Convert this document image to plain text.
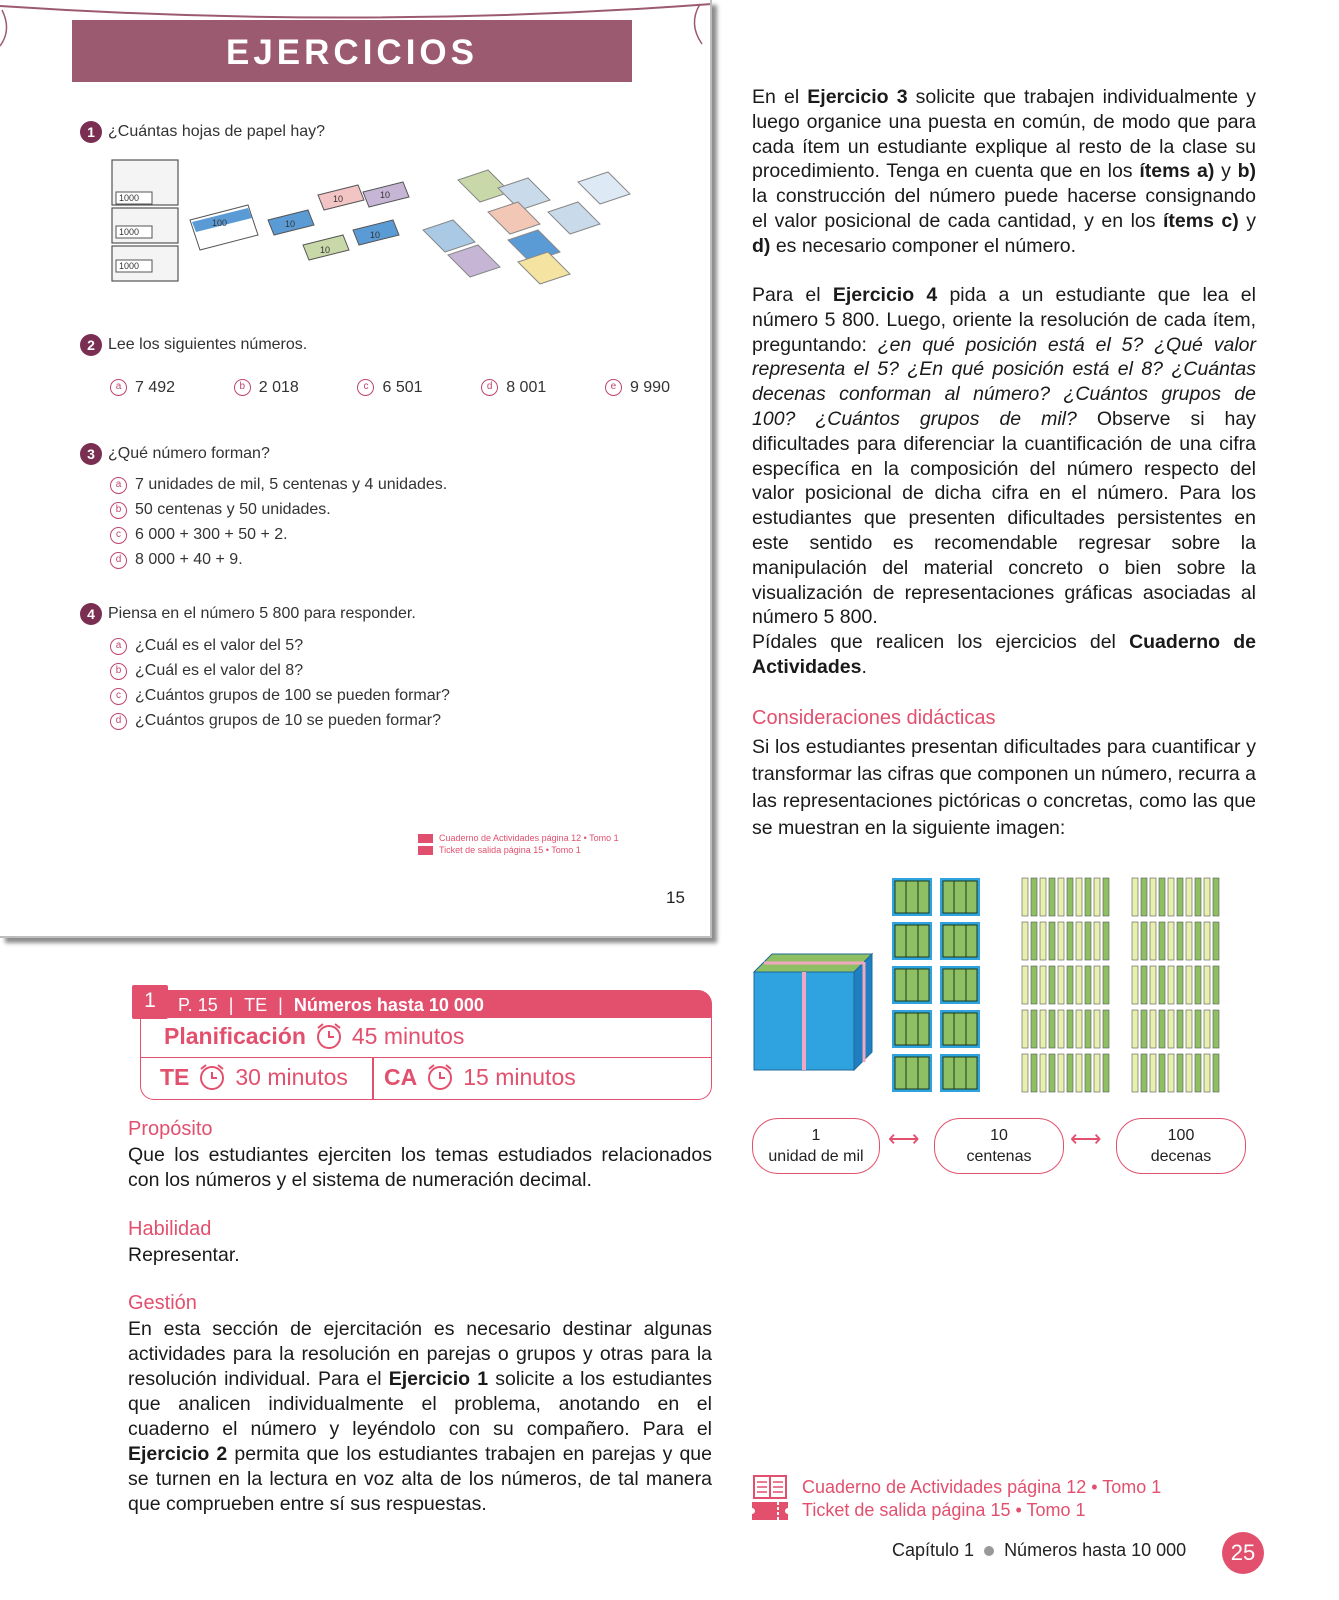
EJERCICIOS
1 ¿Cuántas hojas de papel hay?
1000
1000
1000
100	10
10	10
10
10
2 Lee los siguientes números.
a 7 492	b 2 018	c 6 501	d 8 001	e 9 990
3 ¿Qué número forman?
a 7 unidades de mil, 5 centenas y 4 unidades.
b 50 centenas y 50 unidades.
c 6 000 + 300 + 50 + 2.
d 8 000 + 40 + 9.
4 Piensa en el número 5 800 para responder.
a ¿Cuál es el valor del 5?
b ¿Cuál es el valor del 8?
c ¿Cuántos grupos de 100 se pueden formar?
d ¿Cuántos grupos de 10 se pueden formar?
Cuaderno de Actividades página 12 • Tomo 1
Ticket de salida página 15 • Tomo 1
15
1	P. 15 | TE | Números hasta 10 000
Planificación 45 minutos
TE 30 minutos CA 15 minutos
Propósito
Que los estudiantes ejerciten los temas estudiados relacionados con los números y el sistema de numeración decimal.
Habilidad
Representar.
Gestión
En esta sección de ejercitación es necesario destinar algunas actividades para la resolución en parejas o grupos y otras para la resolución individual. Para el Ejercicio 1 solicite a los estudiantes que analicen individualmente el problema, anotando en el cuaderno el número y leyéndolo con su compañero. Para el Ejercicio 2 permita que los estudiantes trabajen en parejas y que se turnen en la lectura en voz alta de los números, de tal manera que comprueben entre sí sus respuestas.
En el Ejercicio 3 solicite que trabajen individualmente y luego organice una puesta en común, de modo que para cada ítem un estudiante explique al resto de la clase su procedimiento. Tenga en cuenta que en los ítems a) y b) la construcción del número puede hacerse consignando el valor posicional de cada cantidad, y en los ítems c) y d) es necesario componer el número.
Para el Ejercicio 4 pida a un estudiante que lea el número 5 800. Luego, oriente la resolución de cada ítem, preguntando: ¿en qué posición está el 5? ¿Qué valor representa el 5? ¿En qué posición está el 8? ¿Cuántas decenas conforman al número? ¿Cuántos grupos de 100? ¿Cuántos grupos de mil? Observe si hay dificultades para diferenciar la cuantificación de una cifra específica en la composición del número respecto del valor posicional de dicha cifra en el número. Para los estudiantes que presenten dificultades persistentes en este sentido es recomendable regresar sobre la manipulación del material concreto o bien sobre la visualización de representaciones gráficas asociadas al número 5 800.
Pídales que realicen los ejercicios del Cuaderno de Actividades.
Consideraciones didácticas
Si los estudiantes presentan dificultades para cuantificar y transformar las cifras que componen un número, recurra a las representaciones pictóricas o concretas, como las que se muestran en la siguiente imagen:
1
unidad de mil
⟷	10
centenas
⟷	100
decenas
Cuaderno de Actividades página 12 • Tomo 1
Ticket de salida página 15 • Tomo 1
Capítulo 1 Números hasta 10 000	25
